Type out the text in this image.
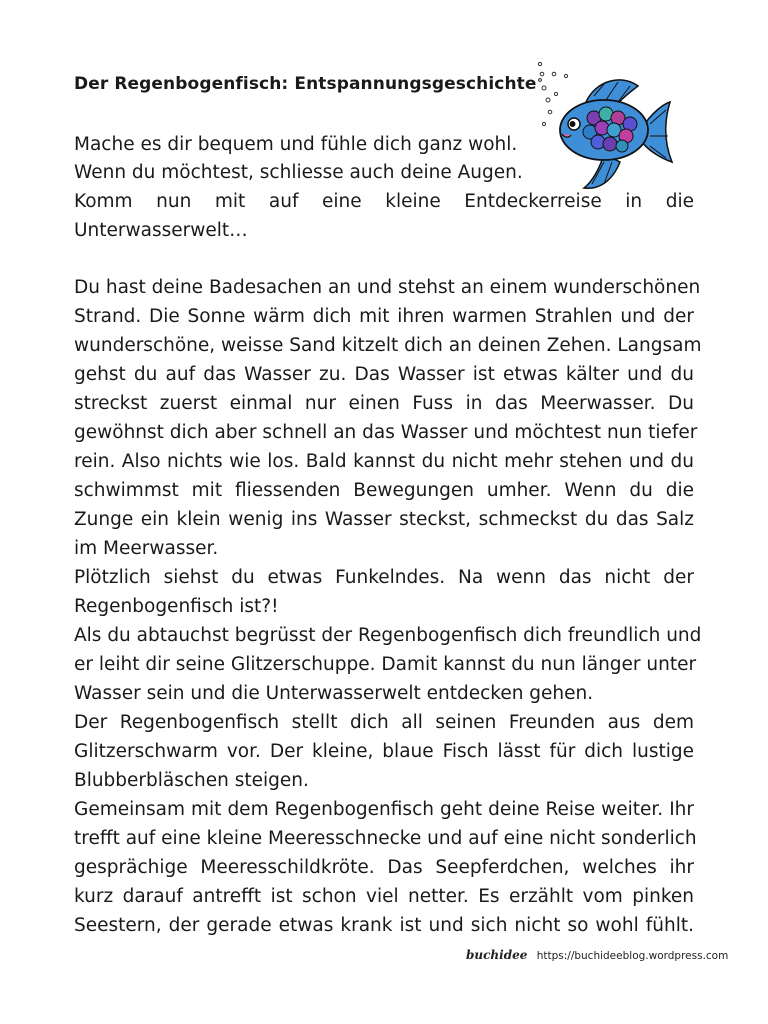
Der Regenbogenfisch: Entspannungsgeschichte
Mache es dir bequem und fühle dich ganz wohl.
Wenn du möchtest, schliesse auch deine Augen.
Komm nun mit auf eine kleine Entdeckerreise in die
Unterwasserwelt…
Du hast deine Badesachen an und stehst an einem wunderschönen
Strand. Die Sonne wärm dich mit ihren warmen Strahlen und der
wunderschöne, weisse Sand kitzelt dich an deinen Zehen. Langsam
gehst du auf das Wasser zu. Das Wasser ist etwas kälter und du
streckst zuerst einmal nur einen Fuss in das Meerwasser. Du
gewöhnst dich aber schnell an das Wasser und möchtest nun tiefer
rein. Also nichts wie los. Bald kannst du nicht mehr stehen und du
schwimmst mit fliessenden Bewegungen umher. Wenn du die
Zunge ein klein wenig ins Wasser steckst, schmeckst du das Salz
im Meerwasser.
Plötzlich siehst du etwas Funkelndes. Na wenn das nicht der
Regenbogenfisch ist?!
Als du abtauchst begrüsst der Regenbogenfisch dich freundlich und
er leiht dir seine Glitzerschuppe. Damit kannst du nun länger unter
Wasser sein und die Unterwasserwelt entdecken gehen.
Der Regenbogenfisch stellt dich all seinen Freunden aus dem
Glitzerschwarm vor. Der kleine, blaue Fisch lässt für dich lustige
Blubberbläschen steigen.
Gemeinsam mit dem Regenbogenfisch geht deine Reise weiter. Ihr
trefft auf eine kleine Meeresschnecke und auf eine nicht sonderlich
gesprächige Meeresschildkröte. Das Seepferdchen, welches ihr
kurz darauf antrefft ist schon viel netter. Es erzählt vom pinken
Seestern, der gerade etwas krank ist und sich nicht so wohl fühlt.
buchidee https://buchideeblog.wordpress.com
